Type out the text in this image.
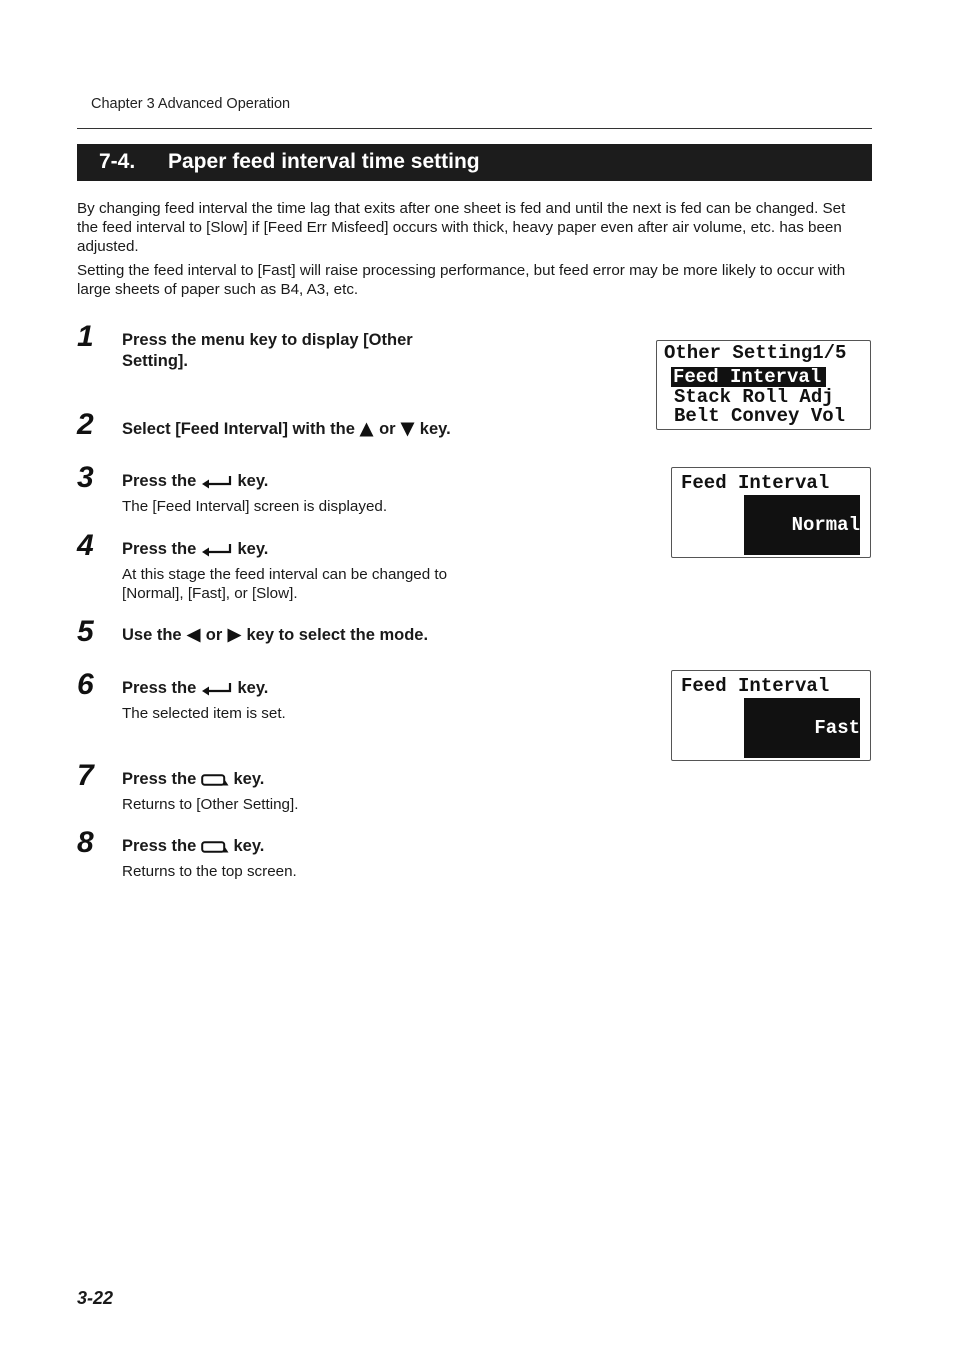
Chapter 3 Advanced Operation
7-4. Paper feed interval time setting

By changing feed interval the time lag that exits after one sheet is fed and until the next is fed can be changed. Set the feed interval to [Slow] if [Feed Err Misfeed] occurs with thick, heavy paper even after air volume, etc. has been adjusted.

Setting the feed interval to [Fast] will raise processing performance, but feed error may be more likely to occur with large sheets of paper such as B4, A3, etc.

1 Press the menu key to display [Other Setting].
2 Select [Feed Interval] with the or key.
3 Press the key.
The [Feed Interval] screen is displayed.
4 Press the key.
At this stage the feed interval can be changed to [Normal], [Fast], or [Slow].
5 Use the or key to select the mode.
6 Press the key.
The selected item is set.
7 Press the key.
Returns to [Other Setting].
8 Press the key.
Returns to the top screen.
Other Setting1/5
Feed Interval
Stack Roll Adj
Belt Convey Vol
Feed Interval

Normal

Feed Interval

Fast

3-22
